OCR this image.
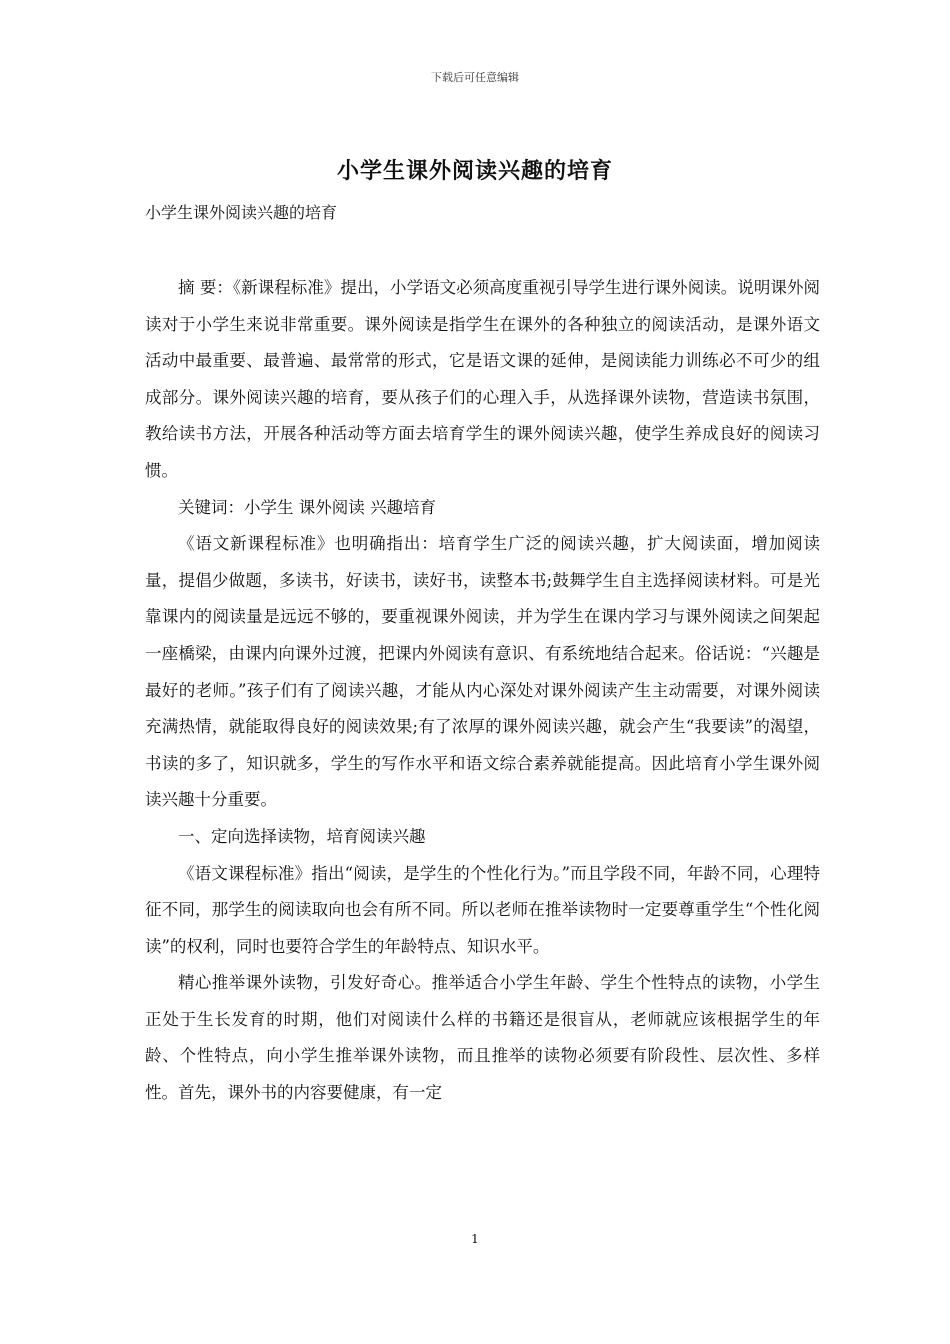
下载后可任意编辑
小学生课外阅读兴趣的培育
小学生课外阅读兴趣的培育

摘 要：《新课程标准》提出，小学语文必须高度重视引导学生进行课外阅读。说明课外阅读对于小学生来说非常重要。课外阅读是指学生在课外的各种独立的阅读活动，是课外语文活动中最重要、最普遍、最常常的形式，它是语文课的延伸，是阅读能力训练必不可少的组成部分。课外阅读兴趣的培育，要从孩子们的心理入手，从选择课外读物，营造读书氛围，教给读书方法，开展各种活动等方面去培育学生的课外阅读兴趣，使学生养成良好的阅读习惯。

关键词：小学生 课外阅读 兴趣培育

《语文新课程标准》也明确指出：培育学生广泛的阅读兴趣，扩大阅读面，增加阅读量，提倡少做题，多读书，好读书，读好书，读整本书;鼓舞学生自主选择阅读材料。可是光靠课内的阅读量是远远不够的，要重视课外阅读，并为学生在课内学习与课外阅读之间架起一座橋梁，由课内向课外过渡，把课内外阅读有意识、有系统地结合起来。俗话说：“兴趣是最好的老师。”孩子们有了阅读兴趣，才能从内心深处对课外阅读产生主动需要，对课外阅读充满热情，就能取得良好的阅读效果;有了浓厚的课外阅读兴趣，就会产生“我要读”的渴望，书读的多了，知识就多，学生的写作水平和语文综合素养就能提高。因此培育小学生课外阅读兴趣十分重要。

一、定向选择读物，培育阅读兴趣

《语文课程标准》指出“阅读，是学生的个性化行为。”而且学段不同，年龄不同，心理特征不同，那学生的阅读取向也会有所不同。所以老师在推举读物时一定要尊重学生“个性化阅读”的权利，同时也要符合学生的年龄特点、知识水平。

精心推举课外读物，引发好奇心。推举适合小学生年龄、学生个性特点的读物，小学生正处于生长发育的时期，他们对阅读什么样的书籍还是很盲从，老师就应该根据学生的年龄、个性特点，向小学生推举课外读物，而且推举的读物必须要有阶段性、层次性、多样性。首先，课外书的内容要健康，有一定

1
